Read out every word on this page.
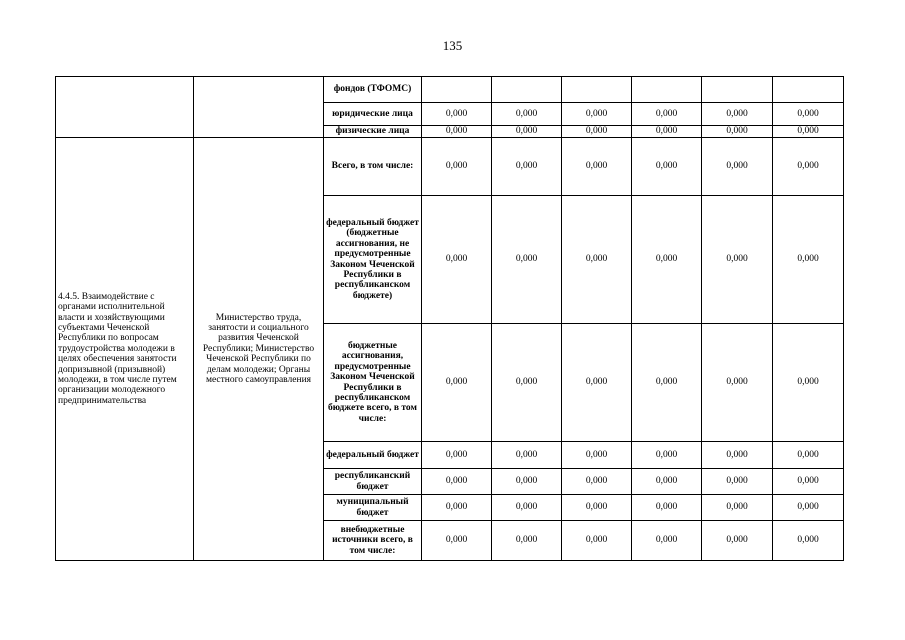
135
		фондов (ТФОМС)						
		юридические лица	0,000	0,000	0,000	0,000	0,000	0,000
		физические лица	0,000	0,000	0,000	0,000	0,000	0,000
4.4.5. Взаимодействие с органами исполнительной власти и хозяйствующими субъектами Чеченской Республики по вопросам трудоустройства молодежи в целях обеспечения занятости допризывной (призывной) молодежи, в том числе путем организации молодежного предпринимательства	Министерство труда, занятости и социального развития Чеченской Республики; Министерство Чеченской Республики по делам молодежи; Органы местного самоуправления	Всего, в том числе:	0,000	0,000	0,000	0,000	0,000	0,000
		федеральный бюджет (бюджетные ассигнования, не предусмотренные Законом Чеченской Республики в республиканском бюджете)	0,000	0,000	0,000	0,000	0,000	0,000
		бюджетные ассигнования, предусмотренные Законом Чеченской Республики в республиканском бюджете всего, в том числе:	0,000	0,000	0,000	0,000	0,000	0,000
		федеральный бюджет	0,000	0,000	0,000	0,000	0,000	0,000
		республиканский бюджет	0,000	0,000	0,000	0,000	0,000	0,000
		муниципальный бюджет	0,000	0,000	0,000	0,000	0,000	0,000
		внебюджетные источники всего, в том числе:	0,000	0,000	0,000	0,000	0,000	0,000
